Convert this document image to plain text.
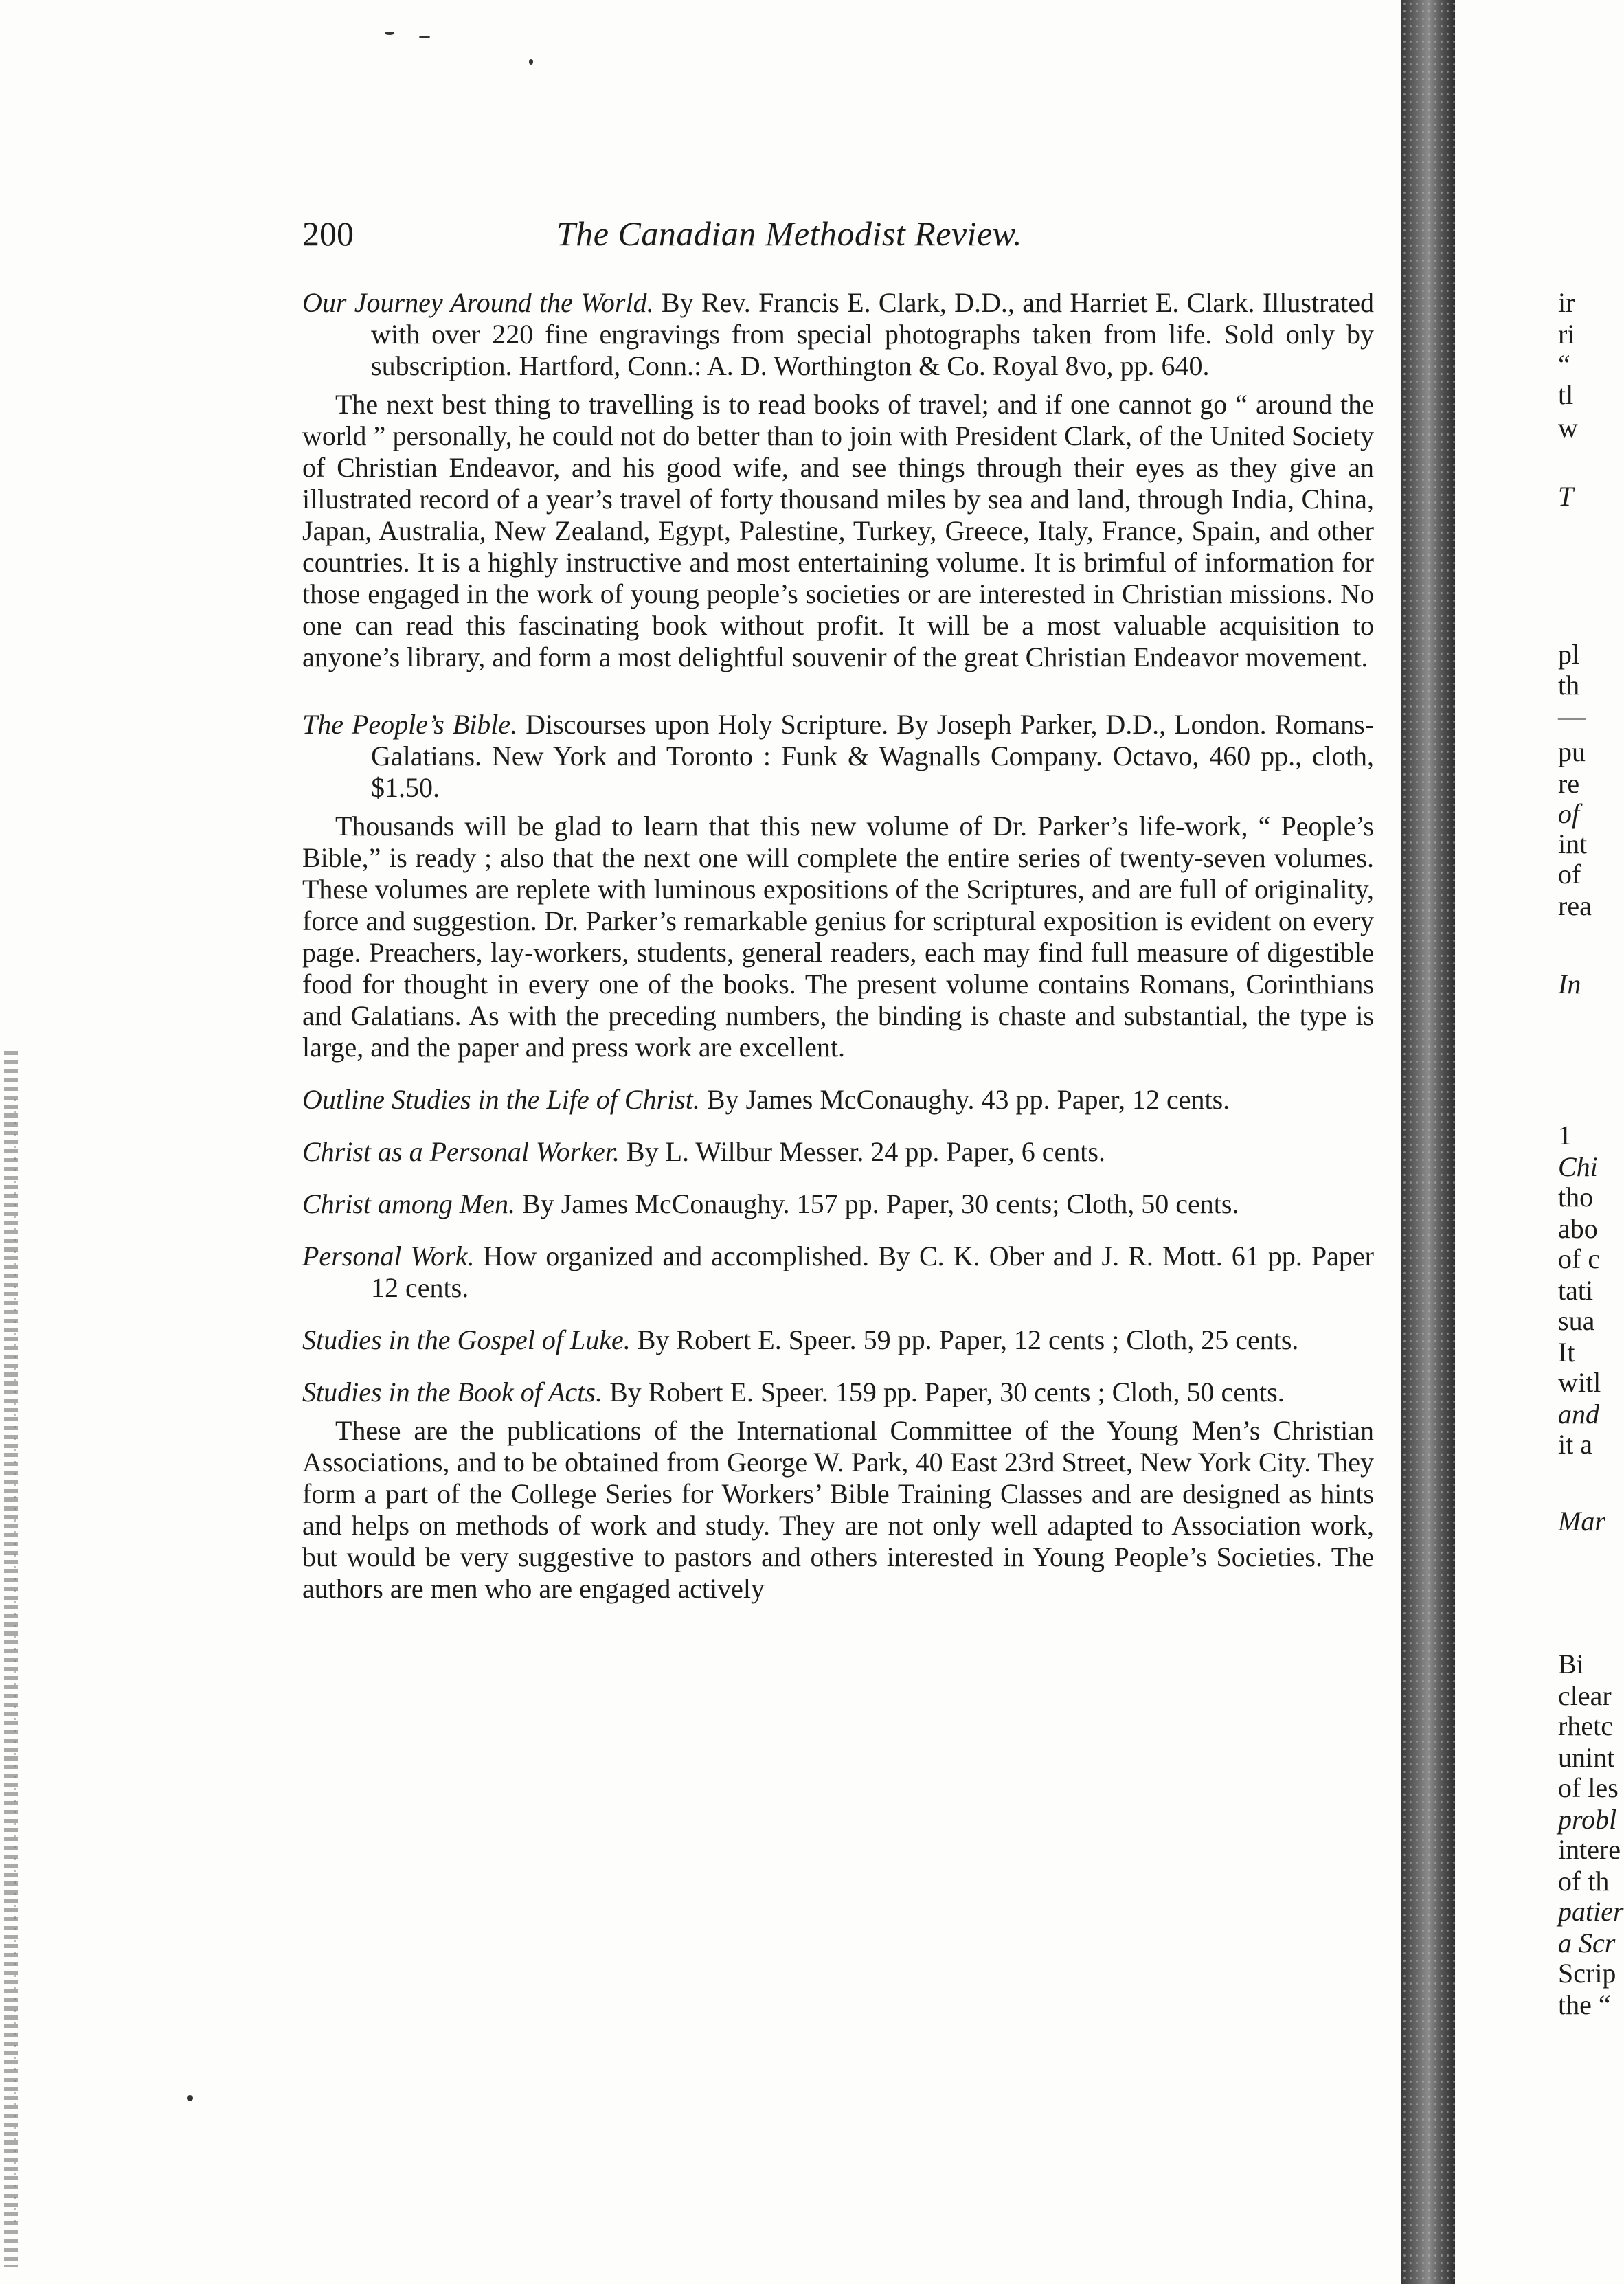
200	The Canadian Methodist Review.

Our Journey Around the World. By Rev. Francis E. Clark, D.D., and Harriet E. Clark. Illustrated with over 220 fine engravings from special photographs taken from life. Sold only by subscription. Hartford, Conn.: A. D. Worthington & Co. Royal 8vo, pp. 640.

The next best thing to travelling is to read books of travel; and if one cannot go “ around the world ” personally, he could not do better than to join with President Clark, of the United Society of Christian Endeavor, and his good wife, and see things through their eyes as they give an illustrated record of a year’s travel of forty thousand miles by sea and land, through India, China, Japan, Australia, New Zealand, Egypt, Palestine, Turkey, Greece, Italy, France, Spain, and other countries. It is a highly instructive and most entertaining volume. It is brimful of information for those engaged in the work of young people’s societies or are interested in Christian missions. No one can read this fascinating book without profit. It will be a most valuable acquisition to anyone’s library, and form a most delightful souvenir of the great Christian Endeavor movement.

The People’s Bible. Discourses upon Holy Scripture. By Joseph Parker, D.D., London. Romans-Galatians. New York and Toronto : Funk & Wagnalls Company. Octavo, 460 pp., cloth, $1.50.

Thousands will be glad to learn that this new volume of Dr. Parker’s life-work, “ People’s Bible,” is ready ; also that the next one will complete the entire series of twenty-seven volumes. These volumes are replete with luminous expositions of the Scriptures, and are full of originality, force and suggestion. Dr. Parker’s remarkable genius for scriptural exposition is evident on every page. Preachers, lay-workers, students, general readers, each may find full measure of digestible food for thought in every one of the books. The present volume contains Romans, Corinthians and Galatians. As with the preceding numbers, the binding is chaste and substantial, the type is large, and the paper and press work are excellent.

Outline Studies in the Life of Christ. By James McConaughy. 43 pp. Paper, 12 cents.

Christ as a Personal Worker. By L. Wilbur Messer. 24 pp. Paper, 6 cents.

Christ among Men. By James McConaughy. 157 pp. Paper, 30 cents; Cloth, 50 cents.

Personal Work. How organized and accomplished. By C. K. Ober and J. R. Mott. 61 pp. Paper 12 cents.

Studies in the Gospel of Luke. By Robert E. Speer. 59 pp. Paper, 12 cents ; Cloth, 25 cents.

Studies in the Book of Acts. By Robert E. Speer. 159 pp. Paper, 30 cents ; Cloth, 50 cents.

These are the publications of the International Committee of the Young Men’s Christian Associations, and to be obtained from George W. Park, 40 East 23rd Street, New York City. They form a part of the College Series for Workers’ Bible Training Classes and are designed as hints and helps on methods of work and study. They are not only well adapted to Association work, but would be very suggestive to pastors and others interested in Young People’s Societies. The authors are men who are engaged actively

ir
ri
“
tl
w
T
pl
th
—
pu
re
of
int
of
rea
In
1
Chi
tho
abo
of c
tati
sua
It
witl
and
it a
Mar
Bi
clear
rhetc
unint
of les
probl
intere
of th
patier
a Scr
Scrip
the “
